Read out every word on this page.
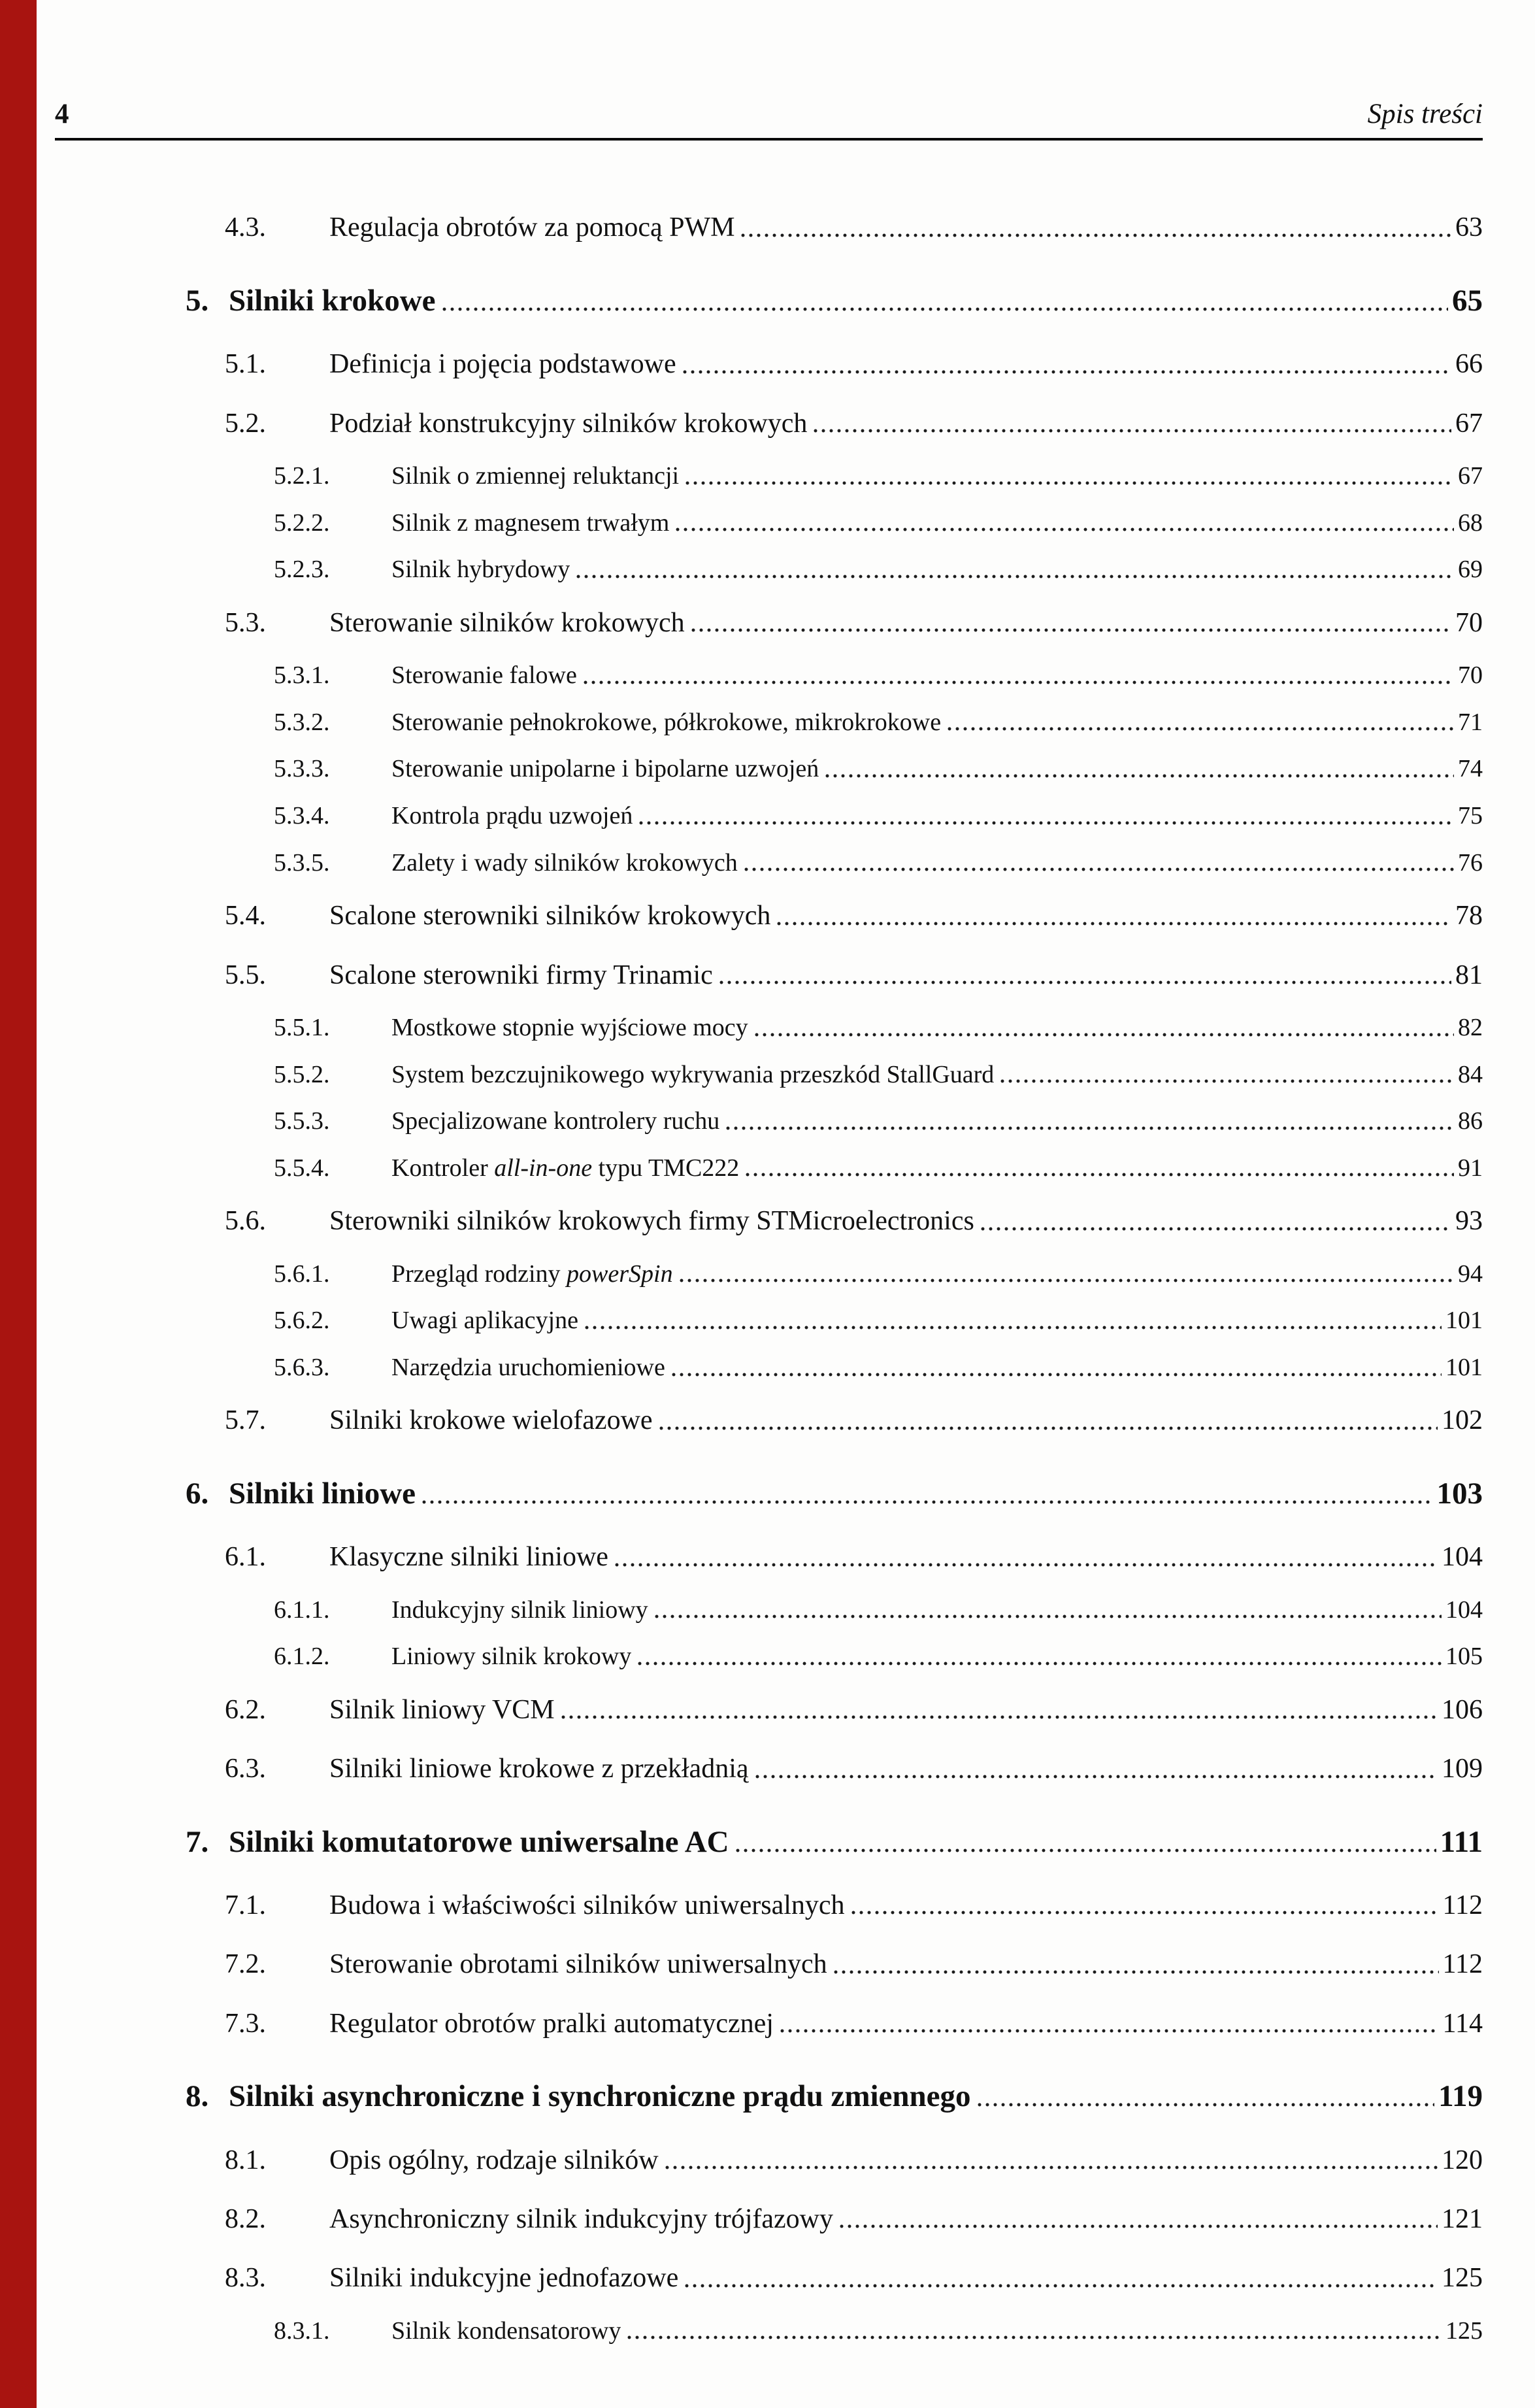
4	Spis treści
4.3.	Regulacja obrotów za pomocą PWM	63
5. Silniki krokowe	65
5.1.	Definicja i pojęcia podstawowe	66
5.2.	Podział konstrukcyjny silników krokowych	67
5.2.1.	Silnik o zmiennej reluktancji	67
5.2.2.	Silnik z magnesem trwałym	68
5.2.3.	Silnik hybrydowy	69
5.3.	Sterowanie silników krokowych	70
5.3.1.	Sterowanie falowe	70
5.3.2.	Sterowanie pełnokrokowe, półkrokowe, mikrokrokowe	71
5.3.3.	Sterowanie unipolarne i bipolarne uzwojeń	74
5.3.4.	Kontrola prądu uzwojeń	75
5.3.5.	Zalety i wady silników krokowych	76
5.4.	Scalone sterowniki silników krokowych	78
5.5.	Scalone sterowniki firmy Trinamic	81
5.5.1.	Mostkowe stopnie wyjściowe mocy	82
5.5.2.	System bezczujnikowego wykrywania przeszkód StallGuard	84
5.5.3.	Specjalizowane kontrolery ruchu	86
5.5.4.	Kontroler all-in-one typu TMC222	91
5.6.	Sterowniki silników krokowych firmy STMicroelectronics	93
5.6.1.	Przegląd rodziny powerSpin	94
5.6.2.	Uwagi aplikacyjne	101
5.6.3.	Narzędzia uruchomieniowe	101
5.7.	Silniki krokowe wielofazowe	102
6. Silniki liniowe	103
6.1.	Klasyczne silniki liniowe	104
6.1.1.	Indukcyjny silnik liniowy	104
6.1.2.	Liniowy silnik krokowy	105
6.2.	Silnik liniowy VCM	106
6.3.	Silniki liniowe krokowe z przekładnią	109
7. Silniki komutatorowe uniwersalne AC	111
7.1.	Budowa i właściwości silników uniwersalnych	112
7.2.	Sterowanie obrotami silników uniwersalnych	112
7.3.	Regulator obrotów pralki automatycznej	114
8. Silniki asynchroniczne i synchroniczne prądu zmiennego	119
8.1.	Opis ogólny, rodzaje silników	120
8.2.	Asynchroniczny silnik indukcyjny trójfazowy	121
8.3.	Silniki indukcyjne jednofazowe	125
8.3.1.	Silnik kondensatorowy	125
